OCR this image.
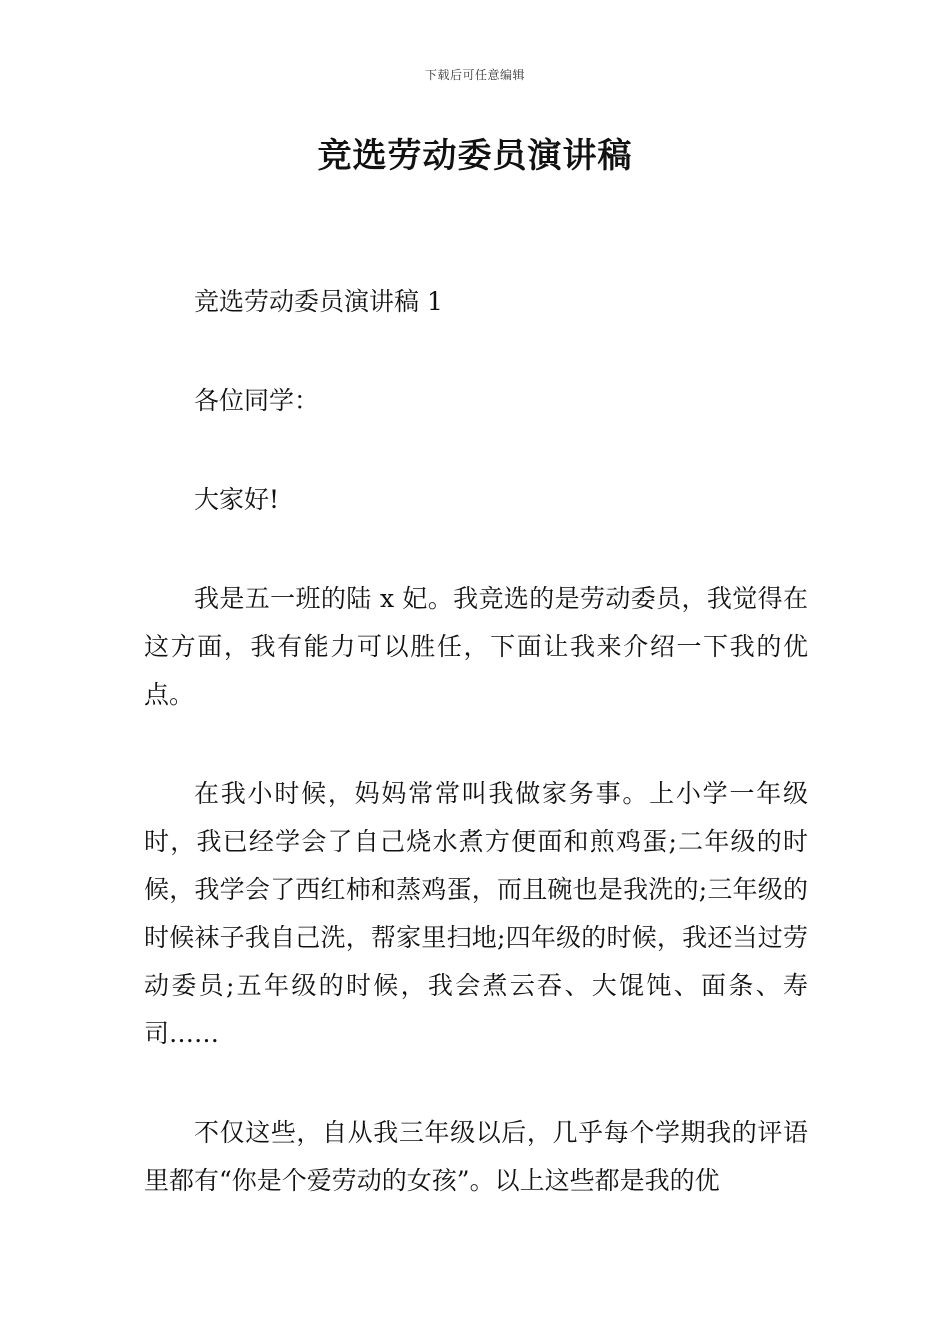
下载后可任意编辑
竞选劳动委员演讲稿

竞选劳动委员演讲稿 1

各位同学：

大家好!

我是五一班的陆 x 妃。我竞选的是劳动委员，我觉得在这方面，我有能力可以胜任，下面让我来介绍一下我的优点。

在我小时候，妈妈常常叫我做家务事。上小学一年级时，我已经学会了自己烧水煮方便面和煎鸡蛋;二年级的时候，我学会了西红柿和蒸鸡蛋，而且碗也是我洗的;三年级的时候袜子我自己洗，帮家里扫地;四年级的时候，我还当过劳动委员;五年级的时候，我会煮云吞、大馄饨、面条、寿司……

不仅这些，自从我三年级以后，几乎每个学期我的评语里都有“你是个爱劳动的女孩”。以上这些都是我的优
